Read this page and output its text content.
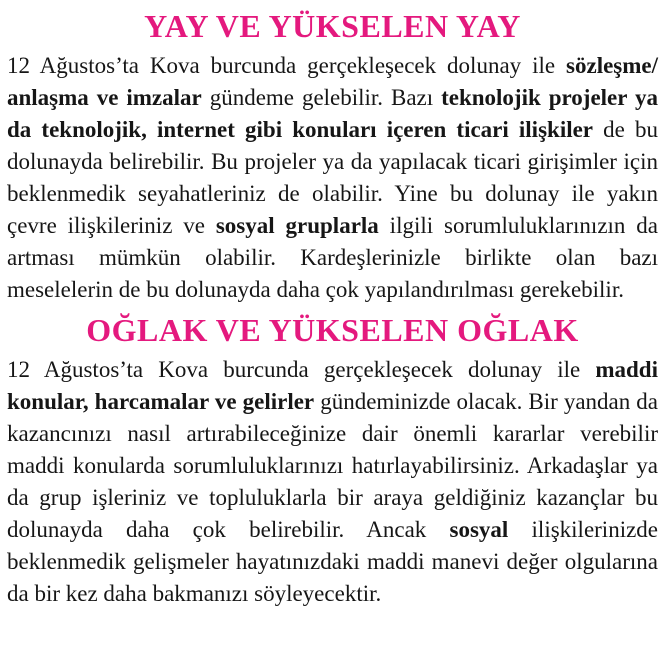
YAY VE YÜKSELEN YAY

12 Ağustos’ta Kova burcunda gerçekleşecek dolunay ile sözleşme/ anlaşma ve imzalar gündeme gelebilir. Bazı teknolojik projeler ya da teknolojik, internet gibi konuları içeren ticari ilişkiler de bu dolunayda belirebilir. Bu projeler ya da yapılacak ticari girişimler için beklenmedik seyahatleriniz de olabilir. Yine bu dolunay ile yakın çevre ilişkileriniz ve sosyal gruplarla ilgili sorumluluklarınızın da artması mümkün olabilir. Kardeşlerinizle birlikte olan bazı meselelerin de bu dolunayda daha çok yapılandırılması gerekebilir.

OĞLAK VE YÜKSELEN OĞLAK

12 Ağustos’ta Kova burcunda gerçekleşecek dolunay ile maddi konular, harcamalar ve gelirler gündeminizde olacak. Bir yandan da kazancınızı nasıl artırabileceğinize dair önemli kararlar verebilir maddi konularda sorumluluklarınızı hatırlayabilirsiniz. Arkadaşlar ya da grup işleriniz ve topluluklarla bir araya geldiğiniz kazançlar bu dolunayda daha çok belirebilir. Ancak sosyal ilişkilerinizde beklenmedik gelişmeler hayatınızdaki maddi manevi değer olgularına da bir kez daha bakmanızı söyleyecektir.
